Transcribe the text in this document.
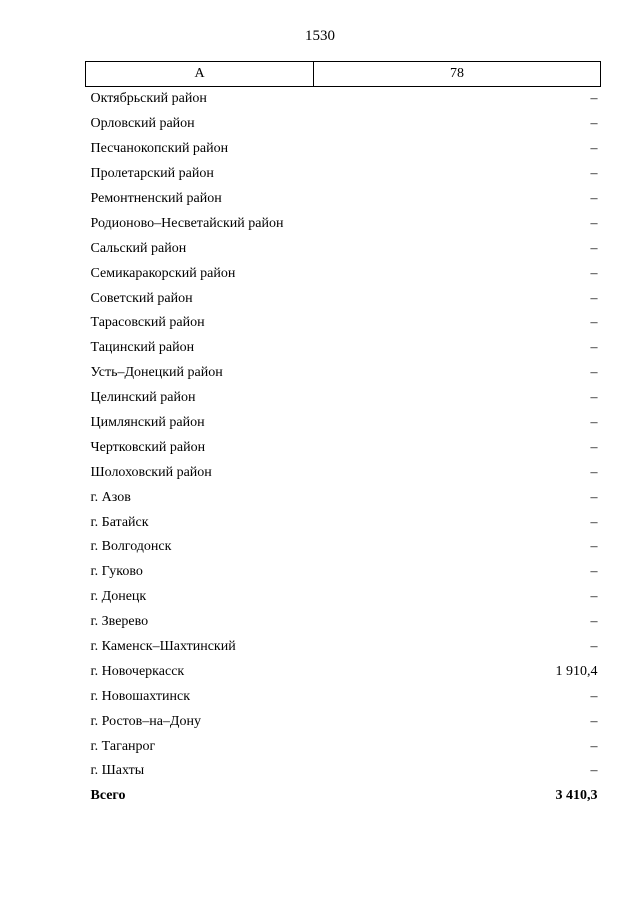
1530
А	78
Октябрьский район	–
Орловский район	–
Песчанокопский район	–
Пролетарский район	–
Ремонтненский район	–
Родионово–Несветайский район	–
Сальский район	–
Семикаракорский район	–
Советский район	–
Тарасовский район	–
Тацинский район	–
Усть–Донецкий район	–
Целинский район	–
Цимлянский район	–
Чертковский район	–
Шолоховский район	–
г. Азов	–
г. Батайск	–
г. Волгодонск	–
г. Гуково	–
г. Донецк	–
г. Зверево	–
г. Каменск–Шахтинский	–
г. Новочеркасск	1 910,4
г. Новошахтинск	–
г. Ростов–на–Дону	–
г. Таганрог	–
г. Шахты	–
Всего	3 410,3
